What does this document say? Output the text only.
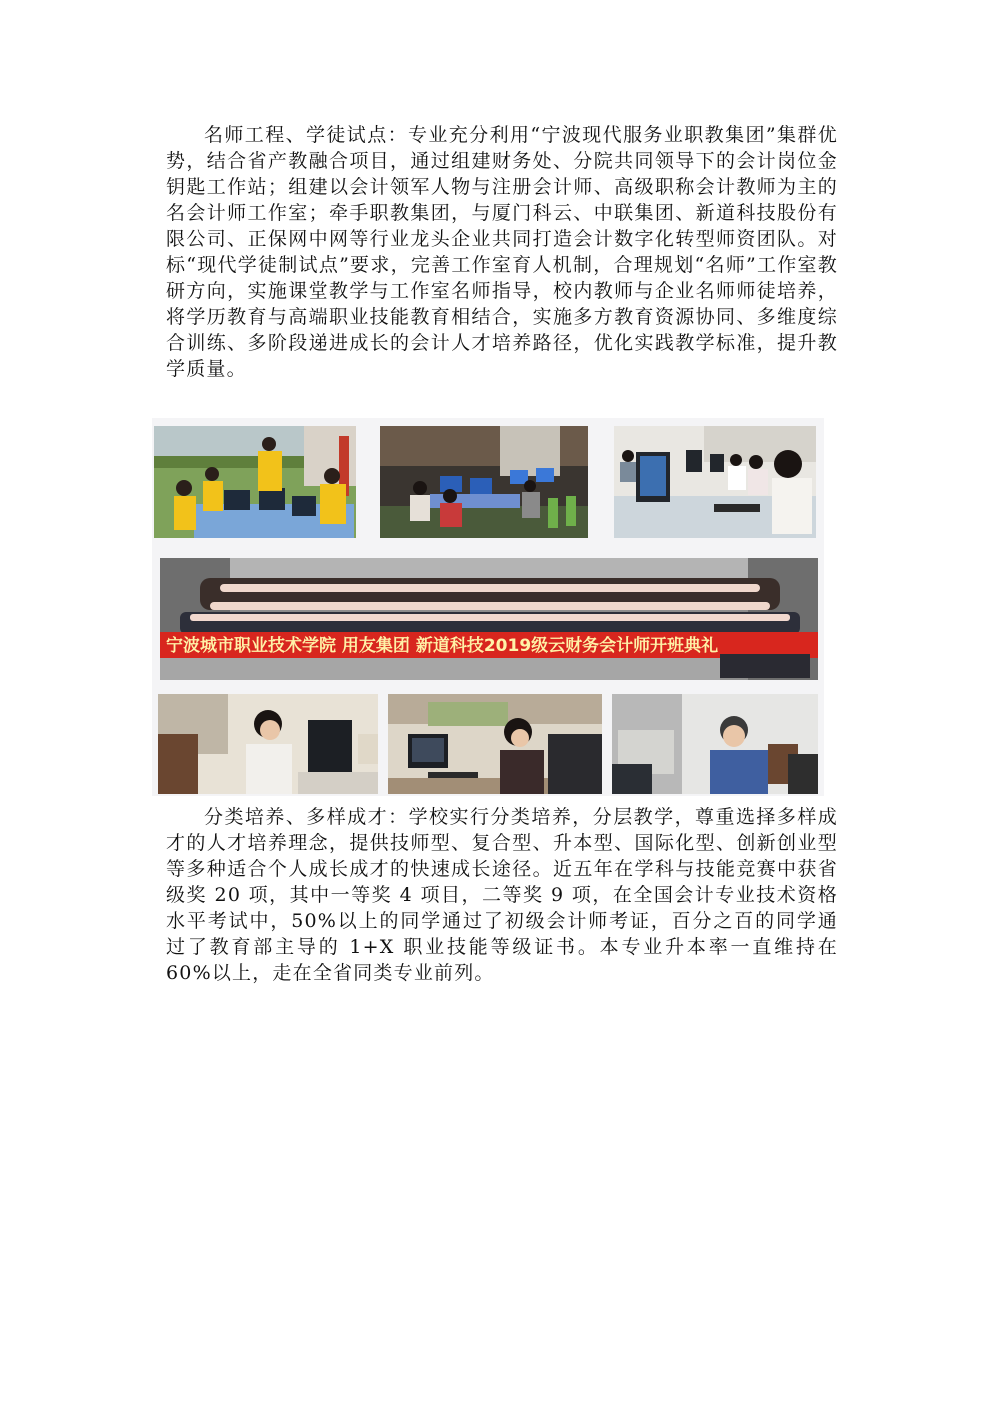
名师工程、学徒试点：专业充分利用“宁波现代服务业职教集团”集群优势，结合省产教融合项目，通过组建财务处、分院共同领导下的会计岗位金钥匙工作站；组建以会计领军人物与注册会计师、高级职称会计教师为主的名会计师工作室；牵手职教集团，与厦门科云、中联集团、新道科技股份有限公司、正保网中网等行业龙头企业共同打造会计数字化转型师资团队。对标“现代学徒制试点”要求，完善工作室育人机制，合理规划“名师”工作室教研方向，实施课堂教学与工作室名师指导，校内教师与企业名师师徒培养， 将学历教育与高端职业技能教育相结合，实施多方教育资源协同、多维度综合训练、多阶段递进成长的会计人才培养路径，优化实践教学标准，提升教学质量。

宁波城市职业技术学院 用友集团 新道科技2019级云财务会计师开班典礼

分类培养、多样成才：学校实行分类培养，分层教学，尊重选择多样成才的人才培养理念，提供技师型、复合型、升本型、国际化型、创新创业型等多种适合个人成长成才的快速成长途径。近五年在学科与技能竞赛中获省级奖 20 项，其中一等奖 4 项目，二等奖 9 项，在全国会计专业技术资格水平考试中，50%以上的同学通过了初级会计师考证，百分之百的同学通过了教育部主导的 1+X 职业技能等级证书。本专业升本率一直维持在 60%以上，走在全省同类专业前列。
